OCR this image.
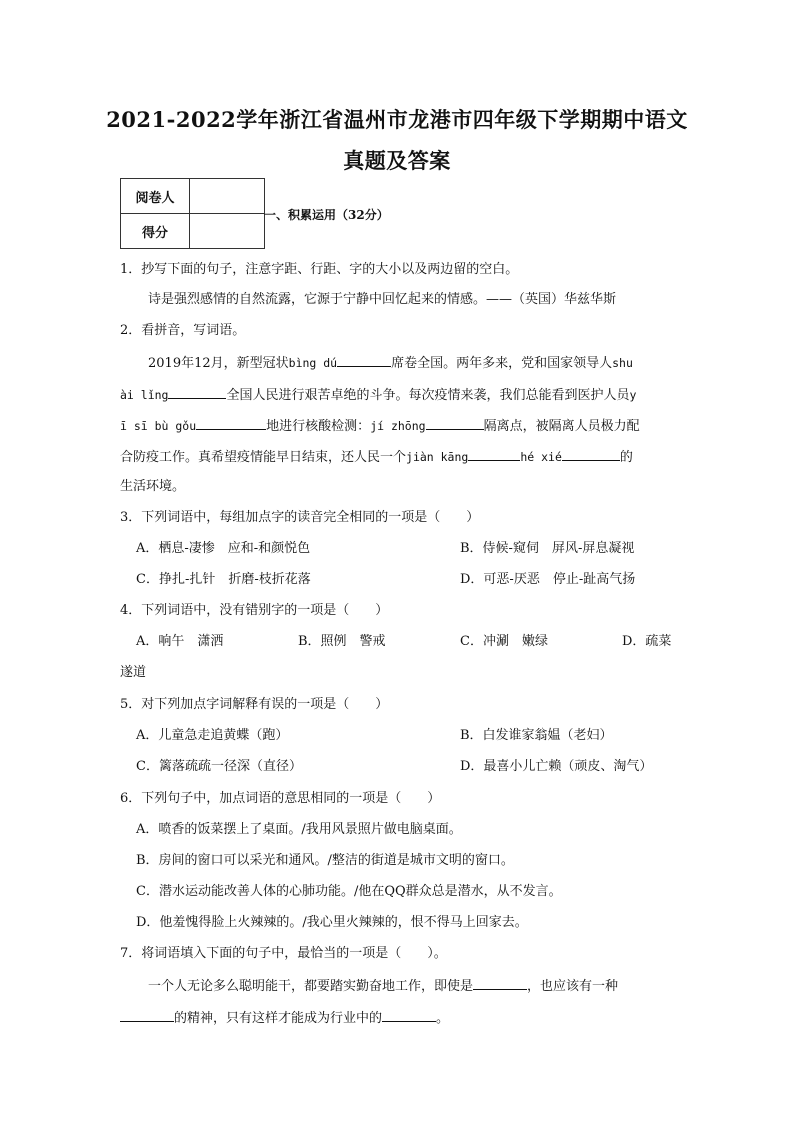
2021-2022学年浙江省温州市龙港市四年级下学期期中语文
真题及答案
阅卷人	
得分	
一、积累运用（32分）
1．抄写下面的句子，注意字距、行距、字的大小以及两边留的空白。
诗是强烈感情的自然流露，它源于宁静中回忆起来的情感。——（英国）华兹华斯
2．看拼音，写词语。
2019年12月，新型冠状bìng dú	席卷全国。两年多来，党和国家领导人shu
ài lǐng	全国人民进行艰苦卓绝的斗争。每次疫情来袭，我们总能看到医护人员y
ī sī bù gǒu	地进行核酸检测：jí zhōng	隔离点，被隔离人员极力配
合防疫工作。真希望疫情能早日结束，还人民一个jiàn kāng	hé xié	的
生活环境。
3．下列词语中，每组加点字的读音完全相同的一项是（　　）
A．栖息-凄惨　应和-和颜悦色	B．侍候-窥伺　屏风-屏息凝视
C．挣扎-扎针　折磨-枝折花落	D．可恶-厌恶　停止-趾高气扬
4．下列词语中，没有错别字的一项是（　　）
A．响午　潇洒	B．照例　警戒	C．冲涮　嫩绿	D．疏菜
遂道
5．对下列加点字词解释有误的一项是（　　）
A．儿童急走追黄蝶（跑）	B．白发谁家翁媪（老妇）
C．篱落疏疏一径深（直径）	D．最喜小儿亡赖（顽皮、淘气）
6．下列句子中，加点词语的意思相同的一项是（　　）
A．喷香的饭菜摆上了桌面。/我用风景照片做电脑桌面。
B．房间的窗口可以采光和通风。/整洁的街道是城市文明的窗口。
C．潜水运动能改善人体的心肺功能。/他在QQ群众总是潜水，从不发言。
D．他羞愧得脸上火辣辣的。/我心里火辣辣的，恨不得马上回家去。
7．将词语填入下面的句子中，最恰当的一项是（　　）。
一个人无论多么聪明能干，都要踏实勤奋地工作，即使是	，也应该有一种
的精神，只有这样才能成为行业中的	。
